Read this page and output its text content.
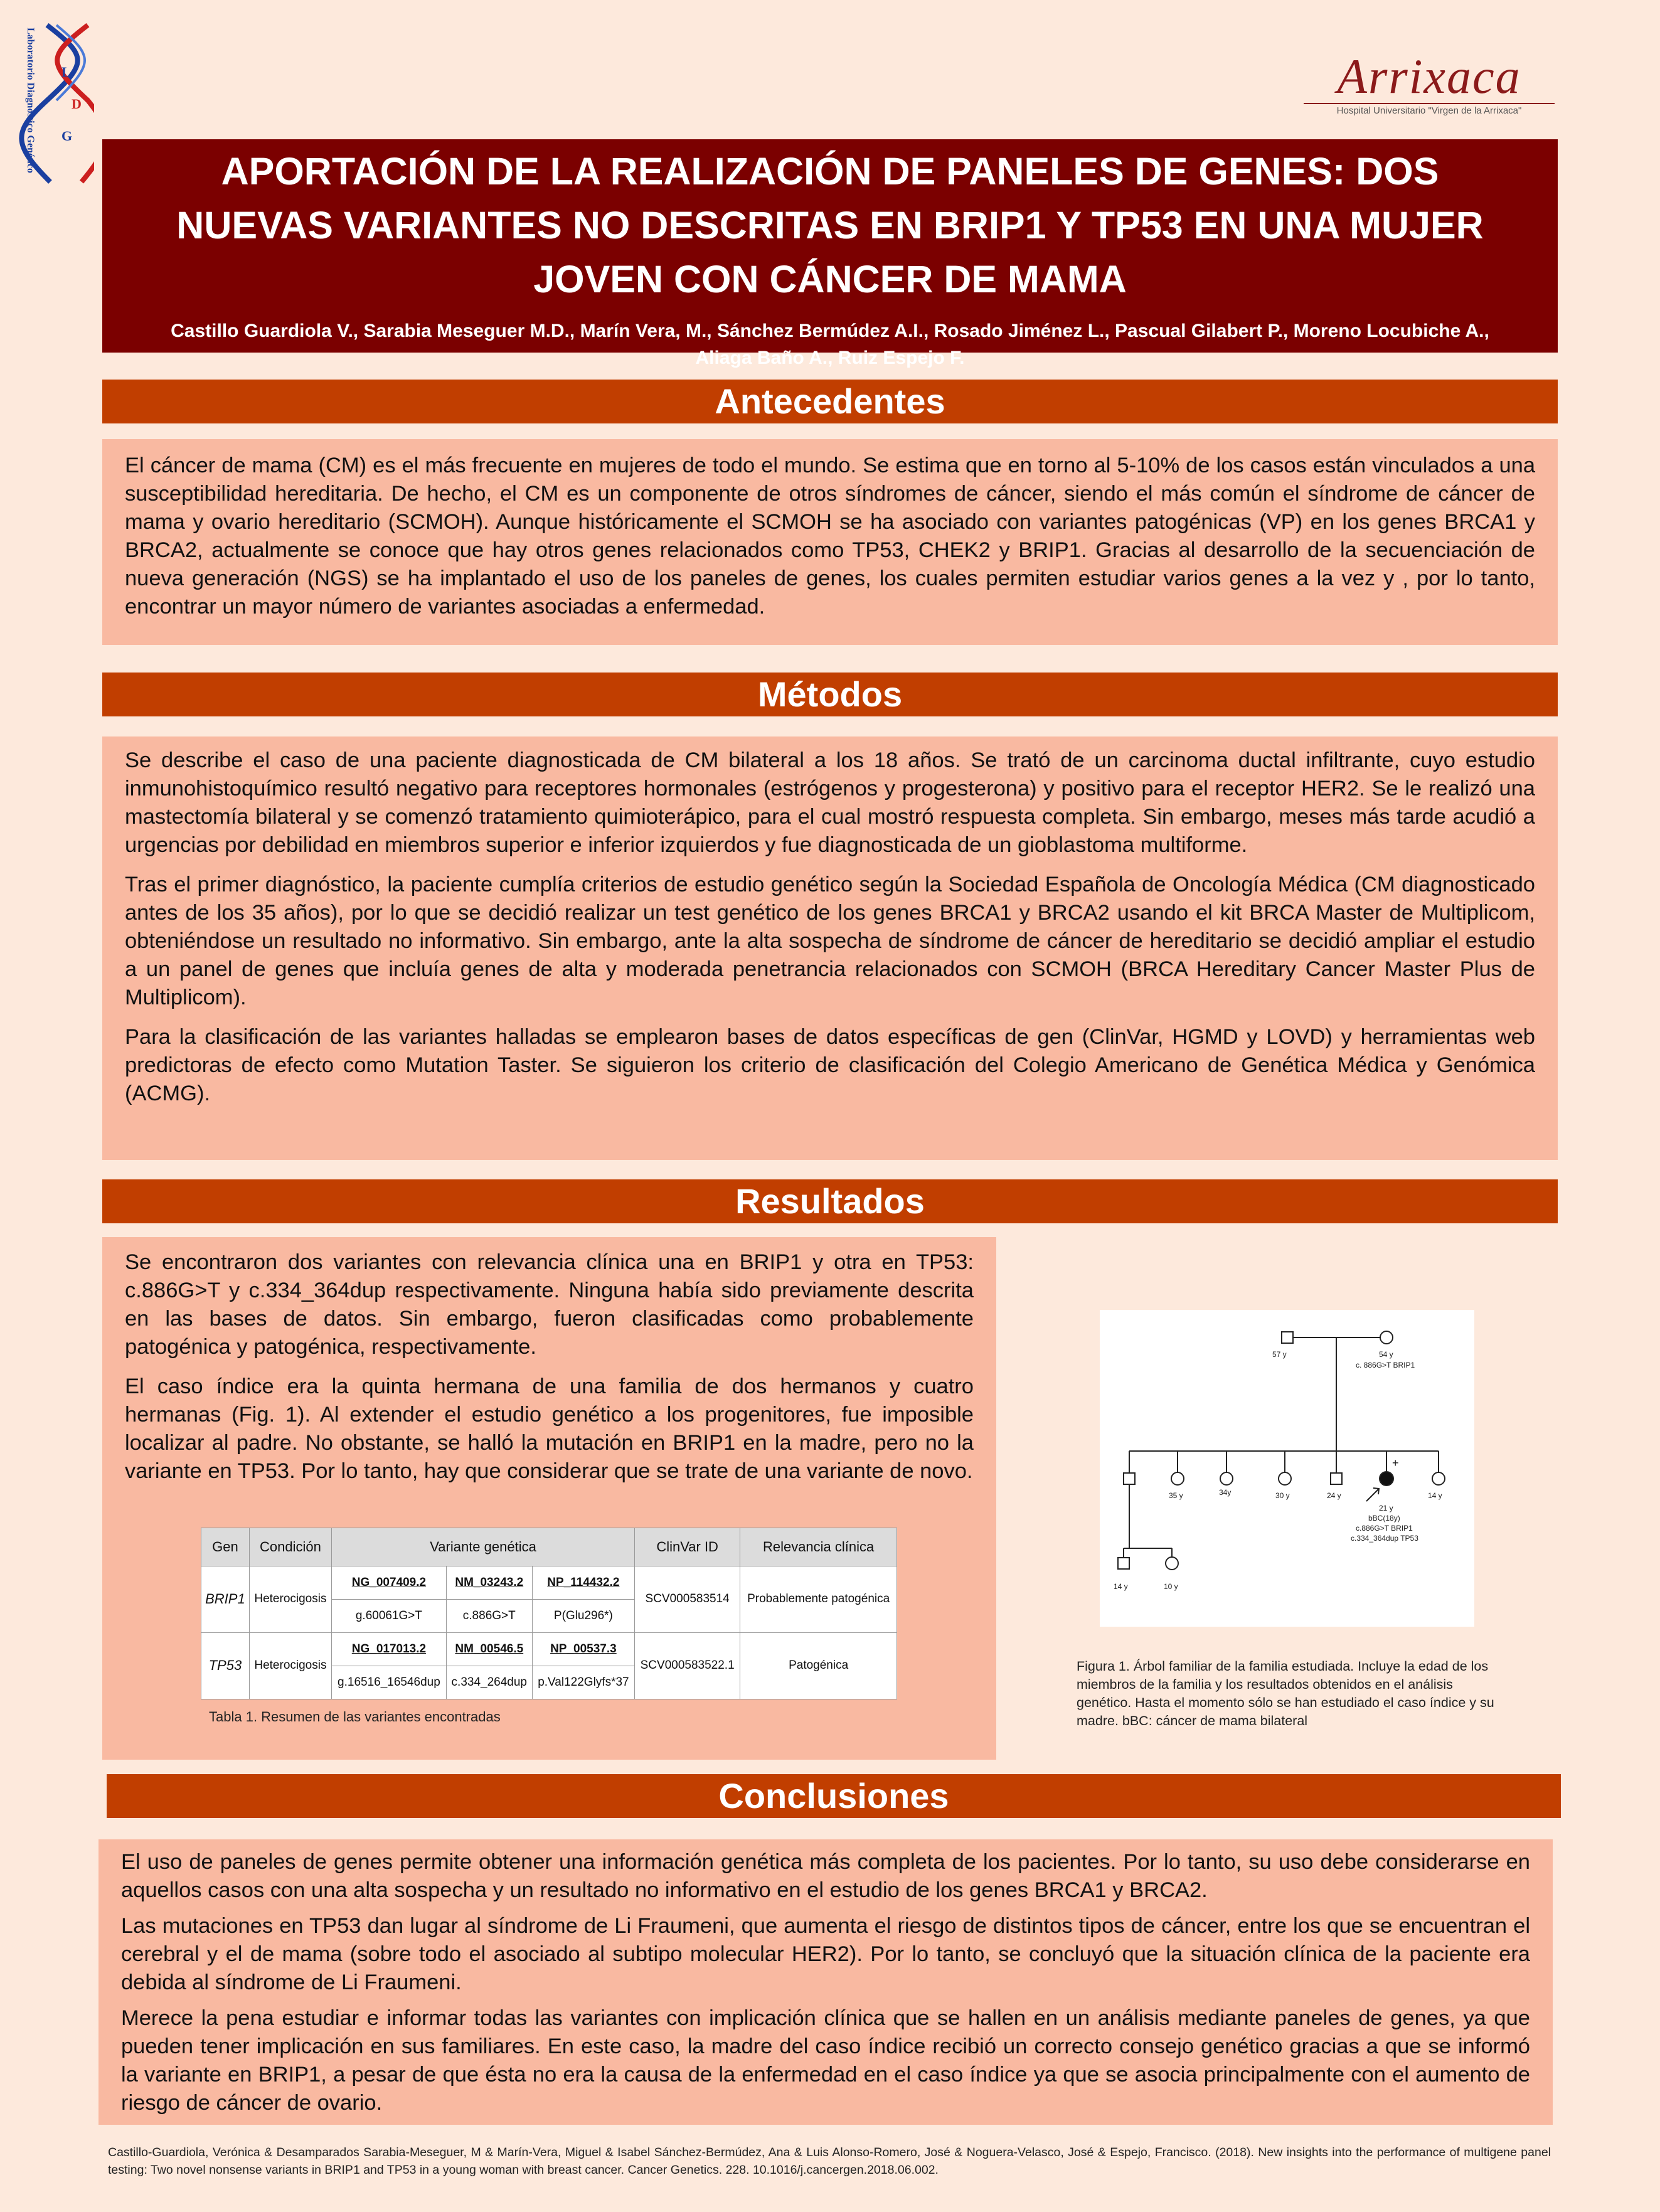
Laboratorio Diagnóstico Genético L
D
G
Arrixaca
Hospital Universitario "Virgen de la Arrixaca"
APORTACIÓN DE LA REALIZACIÓN DE PANELES DE GENES: DOS
NUEVAS VARIANTES NO DESCRITAS EN BRIP1 Y TP53 EN UNA MUJER
JOVEN CON CÁNCER DE MAMA
Castillo Guardiola V., Sarabia Meseguer M.D., Marín Vera, M., Sánchez Bermúdez A.I., Rosado Jiménez L., Pascual Gilabert P., Moreno Locubiche A.,
Aliaga Baño A., Ruiz Espejo F.
Antecedentes

El cáncer de mama (CM) es el más frecuente en mujeres de todo el mundo. Se estima que en torno al 5-10% de los casos están vinculados a una susceptibilidad hereditaria. De hecho, el CM es un componente de otros síndromes de cáncer, siendo el más común el síndrome de cáncer de mama y ovario hereditario (SCMOH). Aunque históricamente el SCMOH se ha asociado con variantes patogénicas (VP) en los genes BRCA1 y BRCA2, actualmente se conoce que hay otros genes relacionados como TP53, CHEK2 y BRIP1. Gracias al desarrollo de la secuenciación de nueva generación (NGS) se ha implantado el uso de los paneles de genes, los cuales permiten estudiar varios genes a la vez y , por lo tanto, encontrar un mayor número de variantes asociadas a enfermedad.

Métodos

Se describe el caso de una paciente diagnosticada de CM bilateral a los 18 años. Se trató de un carcinoma ductal infiltrante, cuyo estudio inmunohistoquímico resultó negativo para receptores hormonales (estrógenos y progesterona) y positivo para el receptor HER2. Se le realizó una mastectomía bilateral y se comenzó tratamiento quimioterápico, para el cual mostró respuesta completa. Sin embargo, meses más tarde acudió a urgencias por debilidad en miembros superior e inferior izquierdos y fue diagnosticada de un gioblastoma multiforme.

Tras el primer diagnóstico, la paciente cumplía criterios de estudio genético según la Sociedad Española de Oncología Médica (CM diagnosticado antes de los 35 años), por lo que se decidió realizar un test genético de los genes BRCA1 y BRCA2 usando el kit BRCA Master de Multiplicom, obteniéndose un resultado no informativo. Sin embargo, ante la alta sospecha de síndrome de cáncer de hereditario se decidió ampliar el estudio a un panel de genes que incluía genes de alta y moderada penetrancia relacionados con SCMOH (BRCA Hereditary Cancer Master Plus de Multiplicom).

Para la clasificación de las variantes halladas se emplearon bases de datos específicas de gen (ClinVar, HGMD y LOVD) y herramientas web predictoras de efecto como Mutation Taster. Se siguieron los criterio de clasificación del Colegio Americano de Genética Médica y Genómica (ACMG).

Resultados

Se encontraron dos variantes con relevancia clínica una en BRIP1 y otra en TP53: c.886G>T y c.334_364dup respectivamente. Ninguna había sido previamente descrita en las bases de datos. Sin embargo, fueron clasificadas como probablemente patogénica y patogénica, respectivamente.

El caso índice era la quinta hermana de una familia de dos hermanos y cuatro hermanas (Fig. 1). Al extender el estudio genético a los progenitores, fue imposible localizar al padre. No obstante, se halló la mutación en BRIP1 en la madre, pero no la variante en TP53. Por lo tanto, hay que considerar que se trate de una variante de novo.

Gen	Condición	Variante genética			ClinVar ID	Relevancia clínica
BRIP1	Heterocigosis	NG_007409.2	NM_03243.2	NP_114432.2	SCV000583514	Probablemente patogénica
		g.60061G>T	c.886G>T	P(Glu296*)		
TP53	Heterocigosis	NG_017013.2	NM_00546.5	NP_00537.3	SCV000583522.1	Patogénica
		g.16516_16546dup	c.334_264dup	p.Val122Glyfs*37		
Tabla 1. Resumen de las variantes encontradas
57 y	54 y
c. 886G>T BRIP1
35 y	34y	30 y	24 y	14 y
+
21 y
bBC(18y)
c.886G>T BRIP1
c.334_364dup TP53
14 y	10 y
Figura 1. Árbol familiar de la familia estudiada. Incluye la edad de los miembros de la familia y los resultados obtenidos en el análisis genético. Hasta el momento sólo se han estudiado el caso índice y su madre. bBC: cáncer de mama bilateral
Conclusiones

El uso de paneles de genes permite obtener una información genética más completa de los pacientes. Por lo tanto, su uso debe considerarse en aquellos casos con una alta sospecha y un resultado no informativo en el estudio de los genes BRCA1 y BRCA2.

Las mutaciones en TP53 dan lugar al síndrome de Li Fraumeni, que aumenta el riesgo de distintos tipos de cáncer, entre los que se encuentran el cerebral y el de mama (sobre todo el asociado al subtipo molecular HER2). Por lo tanto, se concluyó que la situación clínica de la paciente era debida al síndrome de Li Fraumeni.

Merece la pena estudiar e informar todas las variantes con implicación clínica que se hallen en un análisis mediante paneles de genes, ya que pueden tener implicación en sus familiares. En este caso, la madre del caso índice recibió un correcto consejo genético gracias a que se informó la variante en BRIP1, a pesar de que ésta no era la causa de la enfermedad en el caso índice ya que se asocia principalmente con el aumento de riesgo de cáncer de ovario.

Castillo-Guardiola, Verónica & Desamparados Sarabia-Meseguer, M & Marín-Vera, Miguel & Isabel Sánchez-Bermúdez, Ana & Luis Alonso-Romero, José & Noguera-Velasco, José & Espejo, Francisco. (2018). New insights into the performance of multigene panel testing: Two novel nonsense variants in BRIP1 and TP53 in a young woman with breast cancer. Cancer Genetics. 228. 10.1016/j.cancergen.2018.06.002.
